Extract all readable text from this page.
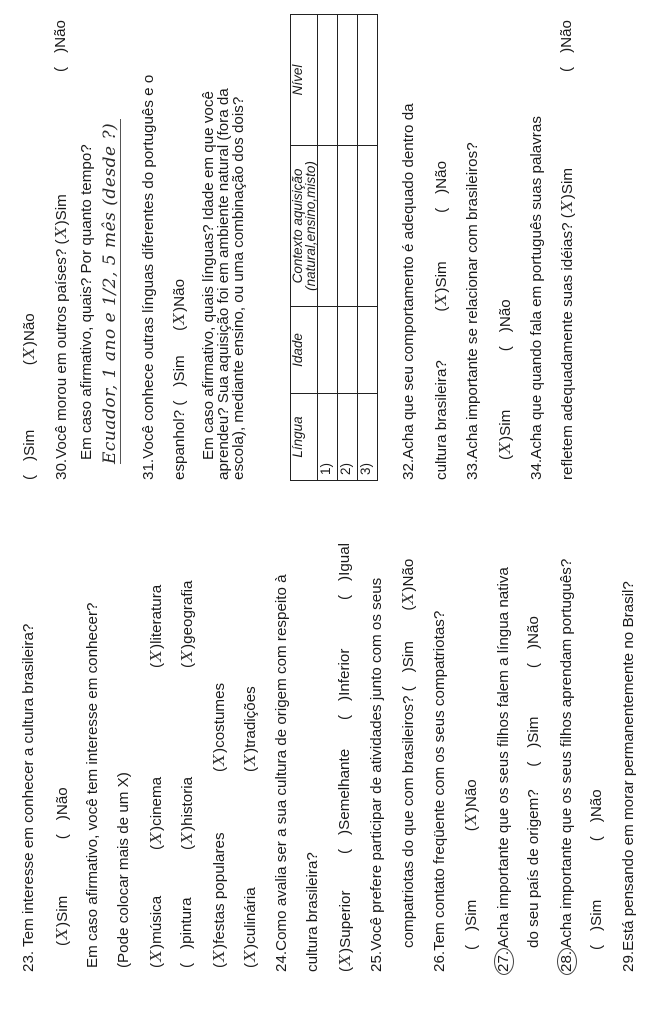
23. Tem interesse em conhecer a cultura brasileira? (X)Sim  ()Não Em caso afirmativo, você tem interesse em conhecer? (Pode colocar mais de um X) (X)música
(X)cinema
(X)literatura
()pintura
(X)historia
(X)geografia
(X)festas populares
(X)costumes
(X)culinária
(X)tradições 24.Como avalia ser a sua cultura de origem com respeito à cultura brasileira? (X)Superior
()Semelhante
()Inferior
()Igual
25.Você prefere participar de atividades junto com os seus compatriotas do que com brasileiros? ()Sim  (X)Não
26.Tem contato freqüente com os seus compatriotas? ()Sim  (X)Não
27.Acha importante que os seus filhos falem a língua nativa do seu país de origem?  ()Sim  ()Não
28.Acha importante que os seus filhos aprendam português? ()Sim  ()Não 29.Está pensando em morar permanentemente no Brasil?
()Sim  (X)Não 30.Você morou em outros países? (X)Sim
()Não
Em caso afirmativo, quais? Por quanto tempo? Ecuador, 1 ano e 1/2, 5 mês (desde ?) 31.Você conhece outras línguas diferentes do português e o espanhol? ()Sim  (X)Não Em caso afirmativo, quais línguas? Idade em que você
aprendeu? Sua aquisição foi em ambiente natural (fora da	Língua	Idade	Contexto aquisição (natural,ensino,misto)	Nível
1)			
2)			
3)			
escola), mediante ensino, ou uma combinação dos dois?	32.Acha que seu comportamento é adequado dentro da cultura brasileira?  (X)Sim  ()Não 33.Acha importante se relacionar com brasileiros? (X)Sim  ()Não 34.Acha que quando fala em português suas palavras refletem adequadamente suas idéias? (X)Sim
()Não
